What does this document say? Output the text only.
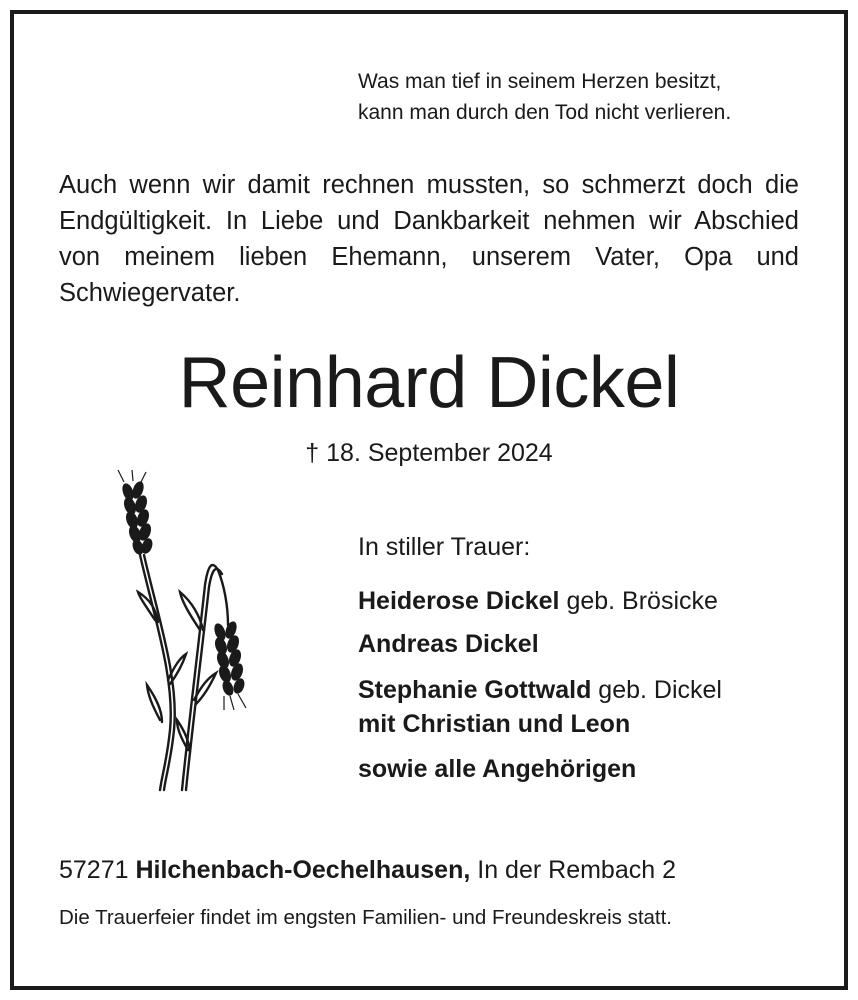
Was man tief in seinem Herzen besitzt,
kann man durch den Tod nicht verlieren.
Auch wenn wir damit rechnen mussten, so schmerzt doch die Endgültigkeit. In Liebe und Dankbarkeit nehmen wir Abschied von meinem lieben Ehemann, unserem Vater, Opa und Schwiegervater.
Reinhard Dickel
† 18. September 2024
In stiller Trauer:
Heiderose Dickel geb. Brösicke
Andreas Dickel
Stephanie Gottwald geb. Dickel
mit Christian und Leon
sowie alle Angehörigen
57271 Hilchenbach-Oechelhausen, In der Rembach 2
Die Trauerfeier findet im engsten Familien- und Freundeskreis statt.
